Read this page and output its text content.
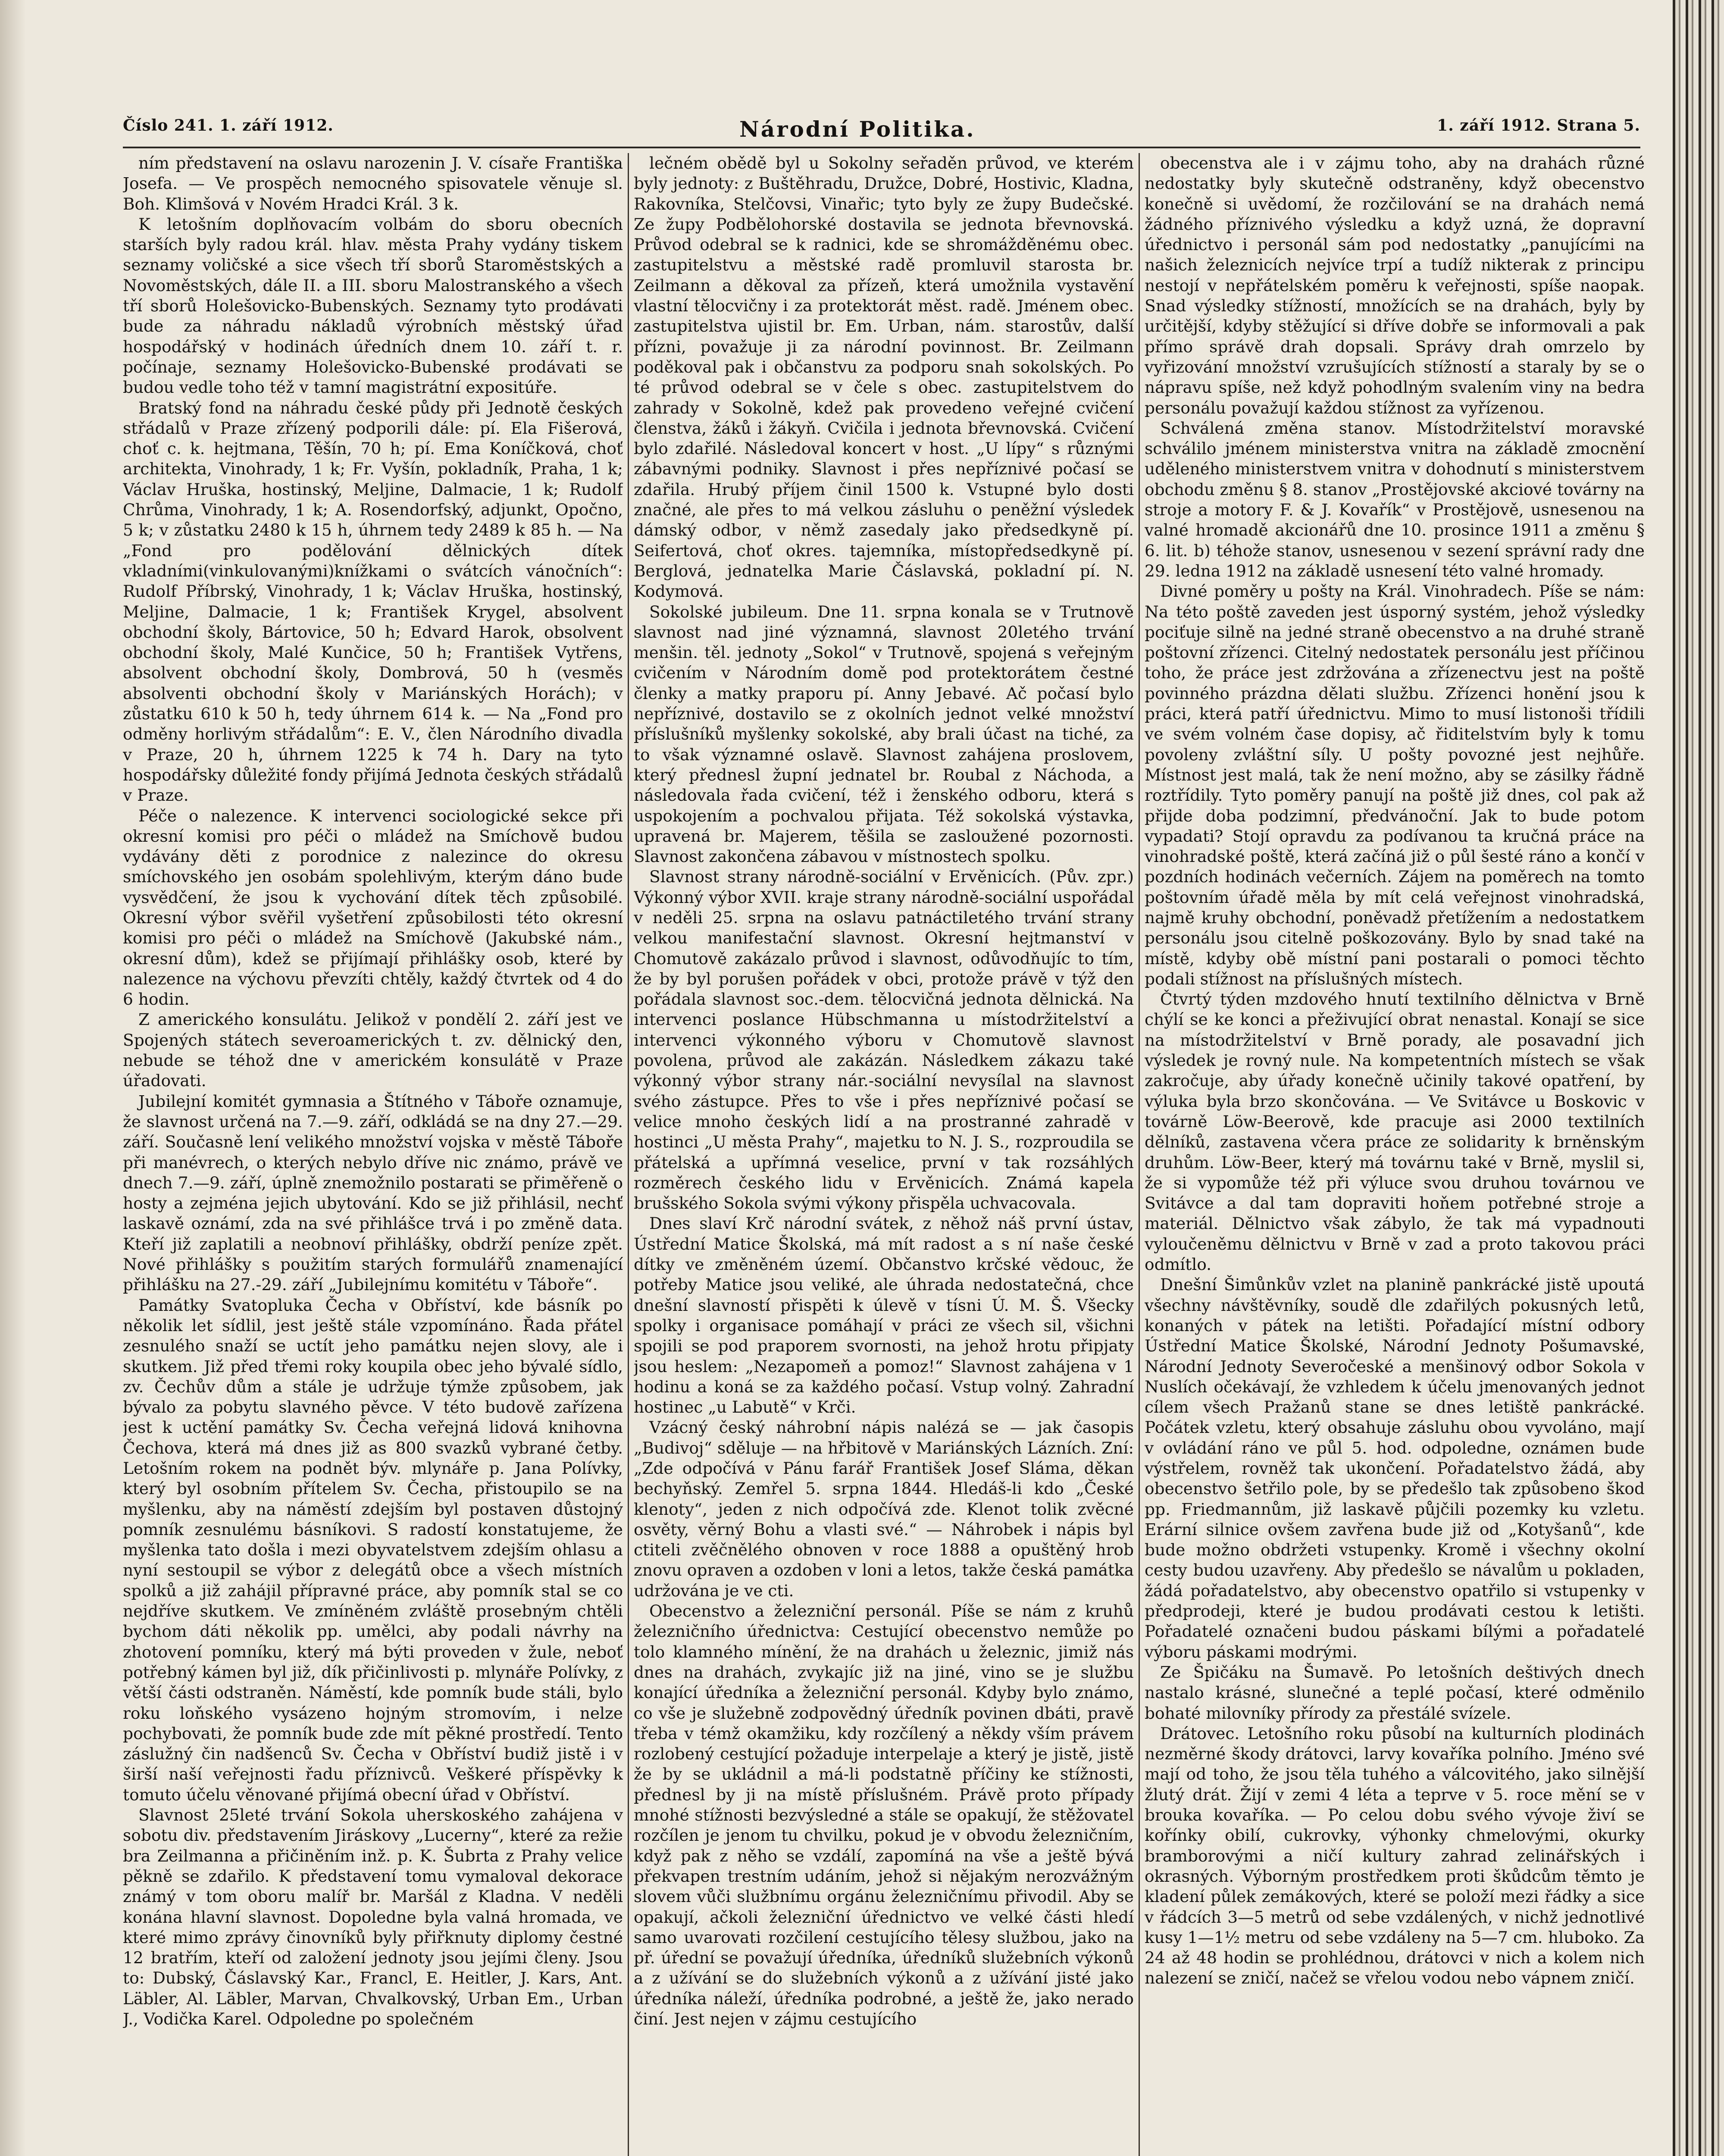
Číslo 241. 1. září 1912.	Národní Politika.	1. září 1912. Strana 5.

ním představení na oslavu narozenin J. V. císaře Františka Josefa. — Ve prospěch nemocného spisovatele věnuje sl. Boh. Klimšová v Novém Hradci Král. 3 k.

K letošním doplňovacím volbám do sboru obecních starších byly radou král. hlav. města Prahy vydány tiskem seznamy voličské a sice všech tří sborů Staroměstských a Novoměstských, dále II. a III. sboru Malostranského a všech tří sborů Holešovicko-Bubenských. Seznamy tyto prodávati bude za náhradu nákladů výrobních městský úřad hospodářský v hodinách úředních dnem 10. září t. r. počínaje, seznamy Holešovicko-Bubenské prodávati se budou vedle toho též v tamní magistrátní expositúře.

Bratský fond na náhradu české půdy při Jednotě českých střádalů v Praze zřízený podporili dále: pí. Ela Fišerová, choť c. k. hejtmana, Těšín, 70 h; pí. Ema Koníčková, choť architekta, Vinohrady, 1 k; Fr. Vyšín, pokladník, Praha, 1 k; Václav Hruška, hostinský, Meljine, Dalmacie, 1 k; Rudolf Chrůma, Vinohrady, 1 k; A. Rosendorfský, adjunkt, Opočno, 5 k; v zůstatku 2480 k 15 h, úhrnem tedy 2489 k 85 h. — Na „Fond pro podělování dělnických dítek vkladními(vinkulovanými)knížkami o svátcích vánočních“: Rudolf Příbrský, Vinohrady, 1 k; Václav Hruška, hostinský, Meljine, Dalmacie, 1 k; František Krygel, absolvent obchodní školy, Bártovice, 50 h; Edvard Harok, obsolvent obchodní školy, Malé Kunčice, 50 h; František Vytřens, absolvent obchodní školy, Dombrová, 50 h (vesměs absolventi obchodní školy v Mariánských Horách); v zůstatku 610 k 50 h, tedy úhrnem 614 k. — Na „Fond pro odměny horlivým střádalům“: E. V., člen Národního divadla v Praze, 20 h, úhrnem 1225 k 74 h. Dary na tyto hospodářsky důležité fondy přijímá Jednota českých střádalů v Praze.

Péče o nalezence. K intervenci sociologické sekce při okresní komisi pro péči o mládež na Smíchově budou vydávány děti z porodnice z nalezince do okresu smíchovského jen osobám spolehlivým, kterým dáno bude vysvědčení, že jsou k vychování dítek těch způsobilé. Okresní výbor svěřil vyšetření způsobilosti této okresní komisi pro péči o mládež na Smíchově (Jakubské nám., okresní dům), kdež se přijímají přihlášky osob, které by nalezence na výchovu převzíti chtěly, každý čtvrtek od 4 do 6 hodin.

Z amerického konsulátu. Jelikož v pondělí 2. září jest ve Spojených státech severoamerických t. zv. dělnický den, nebude se téhož dne v americkém konsulátě v Praze úřadovati.

Jubilejní komitét gymnasia a Štítného v Táboře oznamuje, že slavnost určená na 7.—9. září, odkládá se na dny 27.—29. září. Současně lení velikého množství vojska v městě Táboře při manévrech, o kterých nebylo dříve nic známo, právě ve dnech 7.—9. září, úplně znemožnilo postarati se přiměřeně o hosty a zejména jejich ubytování. Kdo se již přihlásil, nechť laskavě oznámí, zda na své přihlášce trvá i po změně data. Kteří již zaplatili a neobnoví přihlášky, obdrží peníze zpět. Nové přihlášky s použitím starých formulářů znamenající přihlášku na 27.-29. září „Jubilejnímu komitétu v Táboře“.

Památky Svatopluka Čecha v Obříství, kde básník po několik let sídlil, jest ještě stále vzpomínáno. Řada přátel zesnulého snaží se uctít jeho památku nejen slovy, ale i skutkem. Již před třemi roky koupila obec jeho bývalé sídlo, zv. Čechův dům a stále je udržuje týmže způsobem, jak bývalo za pobytu slavného pěvce. V této budově zařízena jest k uctění památky Sv. Čecha veřejná lidová knihovna Čechova, která má dnes již as 800 svazků vybrané četby. Letošním rokem na podnět býv. mlynáře p. Jana Polívky, který byl osobním přítelem Sv. Čecha, přistoupilo se na myšlenku, aby na náměstí zdejším byl postaven důstojný pomník zesnulému básníkovi. S radostí konstatujeme, že myšlenka tato došla i mezi obyvatelstvem zdejším ohlasu a nyní sestoupil se výbor z delegátů obce a všech místních spolků a již zahájil přípravné práce, aby pomník stal se co nejdříve skutkem. Ve zmíněném zvláště prosebným chtěli bychom dáti několik pp. umělci, aby podali návrhy na zhotovení pomníku, který má býti proveden v žule, neboť potřebný kámen byl již, dík přičinlivosti p. mlynáře Polívky, z větší části odstraněn. Náměstí, kde pomník bude stáli, bylo roku loňského vysázeno hojným stromovím, i nelze pochybovati, že pomník bude zde mít pěkné prostředí. Tento záslužný čin nadšenců Sv. Čecha v Obříství budiž jistě i v širší naší veřejnosti řadu příznivců. Veškeré příspěvky k tomuto účelu věnované přijímá obecní úřad v Obříství.

Slavnost 25leté trvání Sokola uherskoského zahájena v sobotu div. představením Jiráskovy „Lucerny“, které za režie bra Zeilmanna a přičiněním inž. p. K. Šubrta z Prahy velice pěkně se zdařilo. K představení tomu vymaloval dekorace známý v tom oboru malíř br. Maršál z Kladna. V neděli konána hlavní slavnost. Dopoledne byla valná hromada, ve které mimo zprávy činovníků byly přiřknuty diplomy čestné 12 bratřím, kteří od založení jednoty jsou jejími členy. Jsou to: Dubský, Čáslavský Kar., Francl, E. Heitler, J. Kars, Ant. Läbler, Al. Läbler, Marvan, Chvalkovský, Urban Em., Urban J., Vodička Karel. Odpoledne po společném

lečném obědě byl u Sokolny seřaděn průvod, ve kterém byly jednoty: z Buštěhradu, Družce, Dobré, Hostivic, Kladna, Rakovníka, Stelčovsi, Vinařic; tyto byly ze župy Budečské. Ze župy Podbělohorské dostavila se jednota břevnovská. Průvod odebral se k radnici, kde se shromážděnému obec. zastupitelstvu a městské radě promluvil starosta br. Zeilmann a děkoval za přízeň, která umožnila vystavění vlastní tělocvičny i za protektorát měst. radě. Jménem obec. zastupitelstva ujistil br. Em. Urban, nám. starostův, další přízni, považuje ji za národní povinnost. Br. Zeilmann poděkoval pak i občanstvu za podporu snah sokolských. Po té průvod odebral se v čele s obec. zastupitelstvem do zahrady v Sokolně, kdež pak provedeno veřejné cvičení členstva, žáků i žákyň. Cvičila i jednota břevnovská. Cvičení bylo zdařilé. Následoval koncert v host. „U lípy“ s různými zábavnými podniky. Slavnost i přes nepříznivé počasí se zdařila. Hrubý příjem činil 1500 k. Vstupné bylo dosti značné, ale přes to má velkou zásluhu o peněžní výsledek dámský odbor, v němž zasedaly jako předsedkyně pí. Seifertová, choť okres. tajemníka, místopředsedkyně pí. Berglová, jednatelka Marie Čáslavská, pokladní pí. N. Kodymová.

Sokolské jubileum. Dne 11. srpna konala se v Trutnově slavnost nad jiné významná, slavnost 20letého trvání menšin. těl. jednoty „Sokol“ v Trutnově, spojená s veřejným cvičením v Národním domě pod protektorátem čestné členky a matky praporu pí. Anny Jebavé. Ač počasí bylo nepříznivé, dostavilo se z okolních jednot velké množství příslušníků myšlenky sokolské, aby brali účast na tiché, za to však významné oslavě. Slavnost zahájena proslovem, který přednesl župní jednatel br. Roubal z Náchoda, a následovala řada cvičení, též i ženského odboru, která s uspokojením a pochvalou přijata. Též sokolská výstavka, upravená br. Majerem, těšila se zasloužené pozornosti. Slavnost zakončena zábavou v místnostech spolku.

Slavnost strany národně-sociální v Ervěnicích. (Pův. zpr.) Výkonný výbor XVII. kraje strany národně-sociální uspořádal v neděli 25. srpna na oslavu patnáctiletého trvání strany velkou manifestační slavnost. Okresní hejtmanství v Chomutově zakázalo průvod i slavnost, odůvodňujíc to tím, že by byl porušen pořádek v obci, protože právě v týž den pořádala slavnost soc.-dem. tělocvičná jednota dělnická. Na intervenci poslance Hübschmanna u místodržitelství a intervenci výkonného výboru v Chomutově slavnost povolena, průvod ale zakázán. Následkem zákazu také výkonný výbor strany nár.-sociální nevysílal na slavnost svého zástupce. Přes to vše i přes nepříznivé počasí se velice mnoho českých lidí a na prostranné zahradě v hostinci „U města Prahy“, majetku to N. J. S., rozproudila se přátelská a upřímná veselice, první v tak rozsáhlých rozměrech českého lidu v Ervěnicích. Známá kapela brušského Sokola svými výkony přispěla uchvacovala.

Dnes slaví Krč národní svátek, z něhož náš první ústav, Ústřední Matice Školská, má mít radost a s ní naše české dítky ve změněném území. Občanstvo krčské vědouc, že potřeby Matice jsou veliké, ale úhrada nedostatečná, chce dnešní slavností přispěti k úlevě v tísni Ú. M. Š. Všecky spolky i organisace pomáhají v práci ze všech sil, všichni spojili se pod praporem svornosti, na jehož hrotu připjaty jsou heslem: „Nezapomeň a pomoz!“ Slavnost zahájena v 1 hodinu a koná se za každého počasí. Vstup volný. Zahradní hostinec „u Labutě“ v Krči.

Vzácný český náhrobní nápis nalézá se — jak časopis „Budivoj“ sděluje — na hřbitově v Mariánských Lázních. Zní: „Zde odpočívá v Pánu farář František Josef Sláma, děkan bechyňský. Zemřel 5. srpna 1844. Hledáš-li kdo „České klenoty“, jeden z nich odpočívá zde. Klenot tolik zvěcné osvěty, věrný Bohu a vlasti své.“ — Náhrobek i nápis byl ctiteli zvěčnělého obnoven v roce 1888 a opuštěný hrob znovu opraven a ozdoben v loni a letos, takže česká památka udržována je ve cti.

Obecenstvo a železniční personál. Píše se nám z kruhů železničního úřednictva: Cestující obecenstvo nemůže po tolo klamného mínění, že na drahách u železnic, jimiž nás dnes na drahách, zvykajíc již na jiné, vino se je službu konající úředníka a železniční personál. Kdyby bylo známo, co vše je služebně zodpovědný úředník povinen dbáti, pravě třeba v témž okamžiku, kdy rozčílený a někdy vším právem rozlobený cestující požaduje interpelaje a který je jistě, jistě že by se ukládnil a má-li podstatně příčiny ke stížnosti, přednesl by ji na místě příslušném. Právě proto případy mnohé stížnosti bezvýsledné a stále se opakují, že stěžovatel rozčílen je jenom tu chvilku, pokud je v obvodu železničním, když pak z něho se vzdálí, zapomíná na vše a ještě bývá překvapen trestním udáním, jehož si nějakým nerozvážným slovem vůči službnímu orgánu železničnímu přivodil. Aby se opakují, ačkoli železniční úřednictvo ve velké části hledí samo uvarovati rozčilení cestujícího tělesy službou, jako na př. úřední se považují úředníka, úředníků služebních výkonů a z užívání se do služebních výkonů a z užívání jisté jako úředníka náleží, úředníka podrobné, a ještě že, jako nerado činí. Jest nejen v zájmu cestujícího

obecenstva ale i v zájmu toho, aby na drahách různé nedostatky byly skutečně odstraněny, když obecenstvo konečně si uvědomí, že rozčilování se na drahách nemá žádného příznivého výsledku a když uzná, že dopravní úřednictvo i personál sám pod nedostatky „panujícími na našich železnicích nejvíce trpí a tudíž nikterak z principu nestojí v nepřátelském poměru k veřejnosti, spíše naopak. Snad výsledky stížností, množících se na drahách, byly by určitější, kdyby stěžující si dříve dobře se informovali a pak přímo správě drah dopsali. Správy drah omrzelo by vyřizování množství vzrušujících stížností a staraly by se o nápravu spíše, než když pohodlným svalením viny na bedra personálu považují každou stížnost za vyřízenou.

Schválená změna stanov. Místodržitelství moravské schválilo jménem ministerstva vnitra na základě zmocnění uděleného ministerstvem vnitra v dohodnutí s ministerstvem obchodu změnu § 8. stanov „Prostějovské akciové továrny na stroje a motory F. & J. Kovařík“ v Prostějově, usnesenou na valné hromadě akcionářů dne 10. prosince 1911 a změnu § 6. lit. b) téhože stanov, usnesenou v sezení správní rady dne 29. ledna 1912 na základě usnesení této valné hromady.

Divné poměry u pošty na Král. Vinohradech. Píše se nám: Na této poště zaveden jest úsporný systém, jehož výsledky pociťuje silně na jedné straně obecenstvo a na druhé straně poštovní zřízenci. Citelný nedostatek personálu jest příčinou toho, že práce jest zdržována a zřízenectvu jest na poště povinného prázdna dělati službu. Zřízenci honění jsou k práci, která patří úřednictvu. Mimo to musí listonoši třídili ve svém volném čase dopisy, ač řiditelstvím byly k tomu povoleny zvláštní síly. U pošty povozné jest nejhůře. Místnost jest malá, tak že není možno, aby se zásilky řádně roztřídily. Tyto poměry panují na poště již dnes, col pak až přijde doba podzimní, předvánoční. Jak to bude potom vypadati? Stojí opravdu za podívanou ta kručná práce na vinohradské poště, která začíná již o půl šesté ráno a končí v pozdních hodinách večerních. Zájem na poměrech na tomto poštovním úřadě měla by mít celá veřejnost vinohradská, najmě kruhy obchodní, poněvadž přetížením a nedostatkem personálu jsou citelně poškozovány. Bylo by snad také na místě, kdyby obě místní pani postarali o pomoci těchto podali stížnost na příslušných místech.

Čtvrtý týden mzdového hnutí textilního dělnictva v Brně chýlí se ke konci a přeživující obrat nenastal. Konají se sice na místodržitelství v Brně porady, ale posavadní jich výsledek je rovný nule. Na kompetentních místech se však zakročuje, aby úřady konečně učinily takové opatření, by výluka byla brzo skončována. — Ve Svitávce u Boskovic v továrně Löw-Beerově, kde pracuje asi 2000 textilních dělníků, zastavena včera práce ze solidarity k brněnským druhům. Löw-Beer, který má továrnu také v Brně, myslil si, že si vypomůže též při výluce svou druhou továrnou ve Svitávce a dal tam dopraviti hoňem potřebné stroje a materiál. Dělnictvo však zábylo, že tak má vypadnouti vyloučeněmu dělnictvu v Brně v zad a proto takovou práci odmítlo.

Dnešní Šimůnkův vzlet na planině pankrácké jistě upoutá všechny návštěvníky, soudě dle zdařilých pokusných letů, konaných v pátek na letišti. Pořadající místní odbory Ústřední Matice Školské, Národní Jednoty Pošumavské, Národní Jednoty Severočeské a menšinový odbor Sokola v Nuslích očekávají, že vzhledem k účelu jmenovaných jednot cílem všech Pražanů stane se dnes letiště pankrácké. Počátek vzletu, který obsahuje zásluhu obou vyvoláno, mají v ovládání ráno ve půl 5. hod. odpoledne, oznámen bude výstřelem, rovněž tak ukončení. Pořadatelstvo žádá, aby obecenstvo šetřilo pole, by se předešlo tak způsobeno škod pp. Friedmannům, již laskavě půjčili pozemky ku vzletu. Erární silnice ovšem zavřena bude již od „Kotyšanů“, kde bude možno obdržeti vstupenky. Kromě i všechny okolní cesty budou uzavřeny. Aby předešlo se návalům u pokladen, žádá pořadatelstvo, aby obecenstvo opatřilo si vstupenky v předprodeji, které je budou prodávati cestou k letišti. Pořadatelé označeni budou páskami bílými a pořadatelé výboru páskami modrými.

Ze Špičáku na Šumavě. Po letošních deštivých dnech nastalo krásné, slunečné a teplé počasí, které odměnilo bohaté milovníky přírody za přestálé svízele.

Drátovec. Letošního roku působí na kulturních plodinách nezměrné škody drátovci, larvy kovaříka polního. Jméno své mají od toho, že jsou těla tuhého a válcovitého, jako silnější žlutý drát. Žijí v zemi 4 léta a teprve v 5. roce mění se v brouka kovaříka. — Po celou dobu svého vývoje živí se kořínky obilí, cukrovky, výhonky chmelovými, okurky bramborovými a ničí kultury zahrad zelinářských i okrasných. Výborným prostředkem proti škůdcům těmto je kladení půlek zemákových, které se položí mezi řádky a sice v řádcích 3—5 metrů od sebe vzdálených, v nichž jednotlivé kusy 1—1½ metru od sebe vzdáleny na 5—7 cm. hluboko. Za 24 až 48 hodin se prohlédnou, drátovci v nich a kolem nich nalezení se zničí, načež se vřelou vodou nebo vápnem zničí.
